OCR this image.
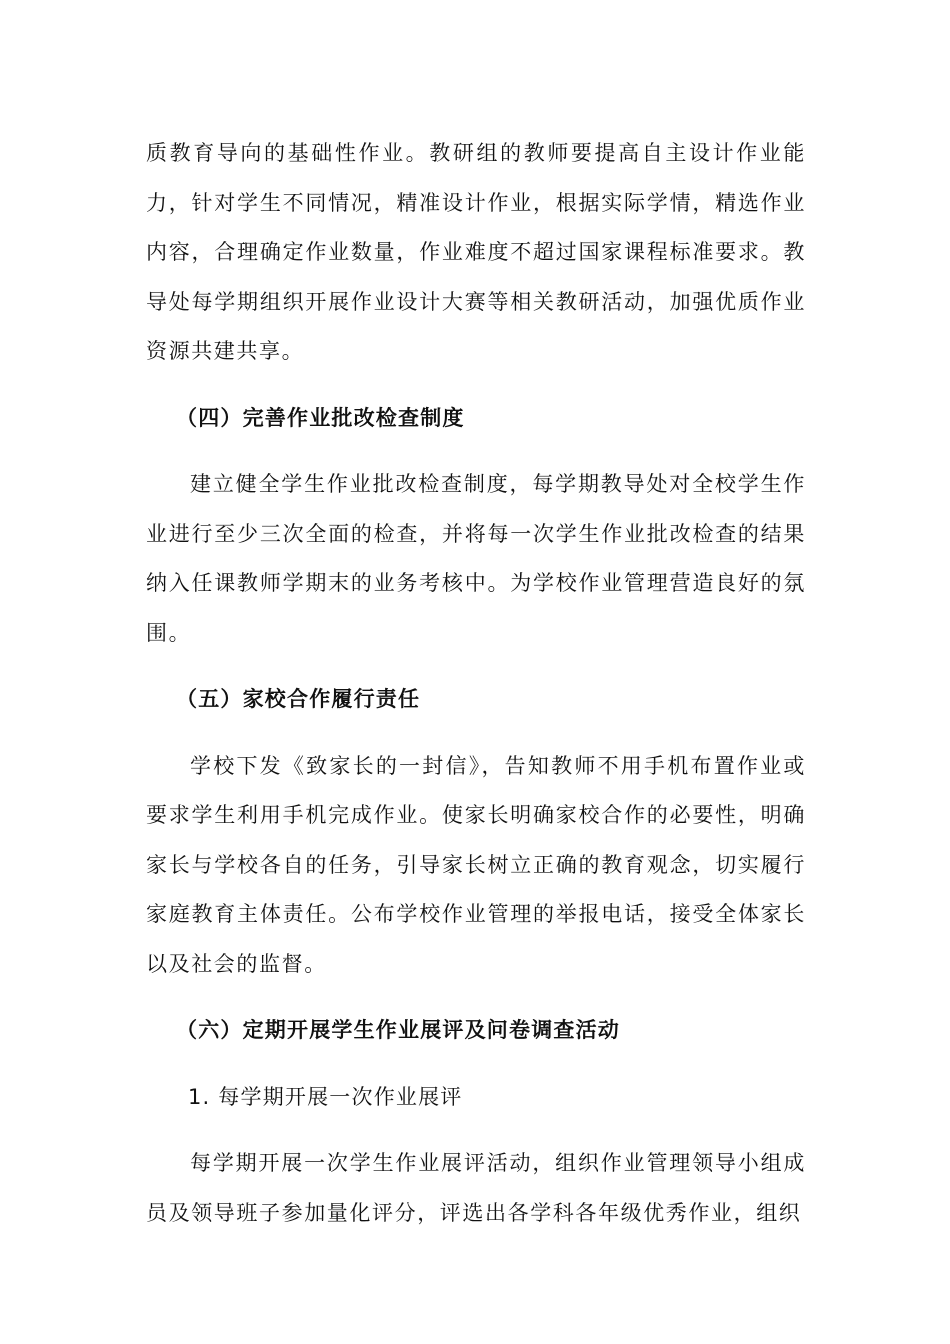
质教育导向的基础性作业。教研组的教师要提高自主设计作业能力，针对学生不同情况，精准设计作业，根据实际学情，精选作业内容，合理确定作业数量，作业难度不超过国家课程标准要求。教导处每学期组织开展作业设计大赛等相关教研活动，加强优质作业资源共建共享。

（四）完善作业批改检查制度

建立健全学生作业批改检查制度，每学期教导处对全校学生作业进行至少三次全面的检查，并将每一次学生作业批改检查的结果纳入任课教师学期末的业务考核中。为学校作业管理营造良好的氛围。

（五）家校合作履行责任

学校下发《致家长的一封信》，告知教师不用手机布置作业或要求学生利用手机完成作业。使家长明确家校合作的必要性，明确家长与学校各自的任务，引导家长树立正确的教育观念，切实履行家庭教育主体责任。公布学校作业管理的举报电话，接受全体家长以及社会的监督。

（六）定期开展学生作业展评及问卷调查活动

1. 每学期开展一次作业展评

每学期开展一次学生作业展评活动，组织作业管理领导小组成员及领导班子参加量化评分，评选出各学科各年级优秀作业，组织
